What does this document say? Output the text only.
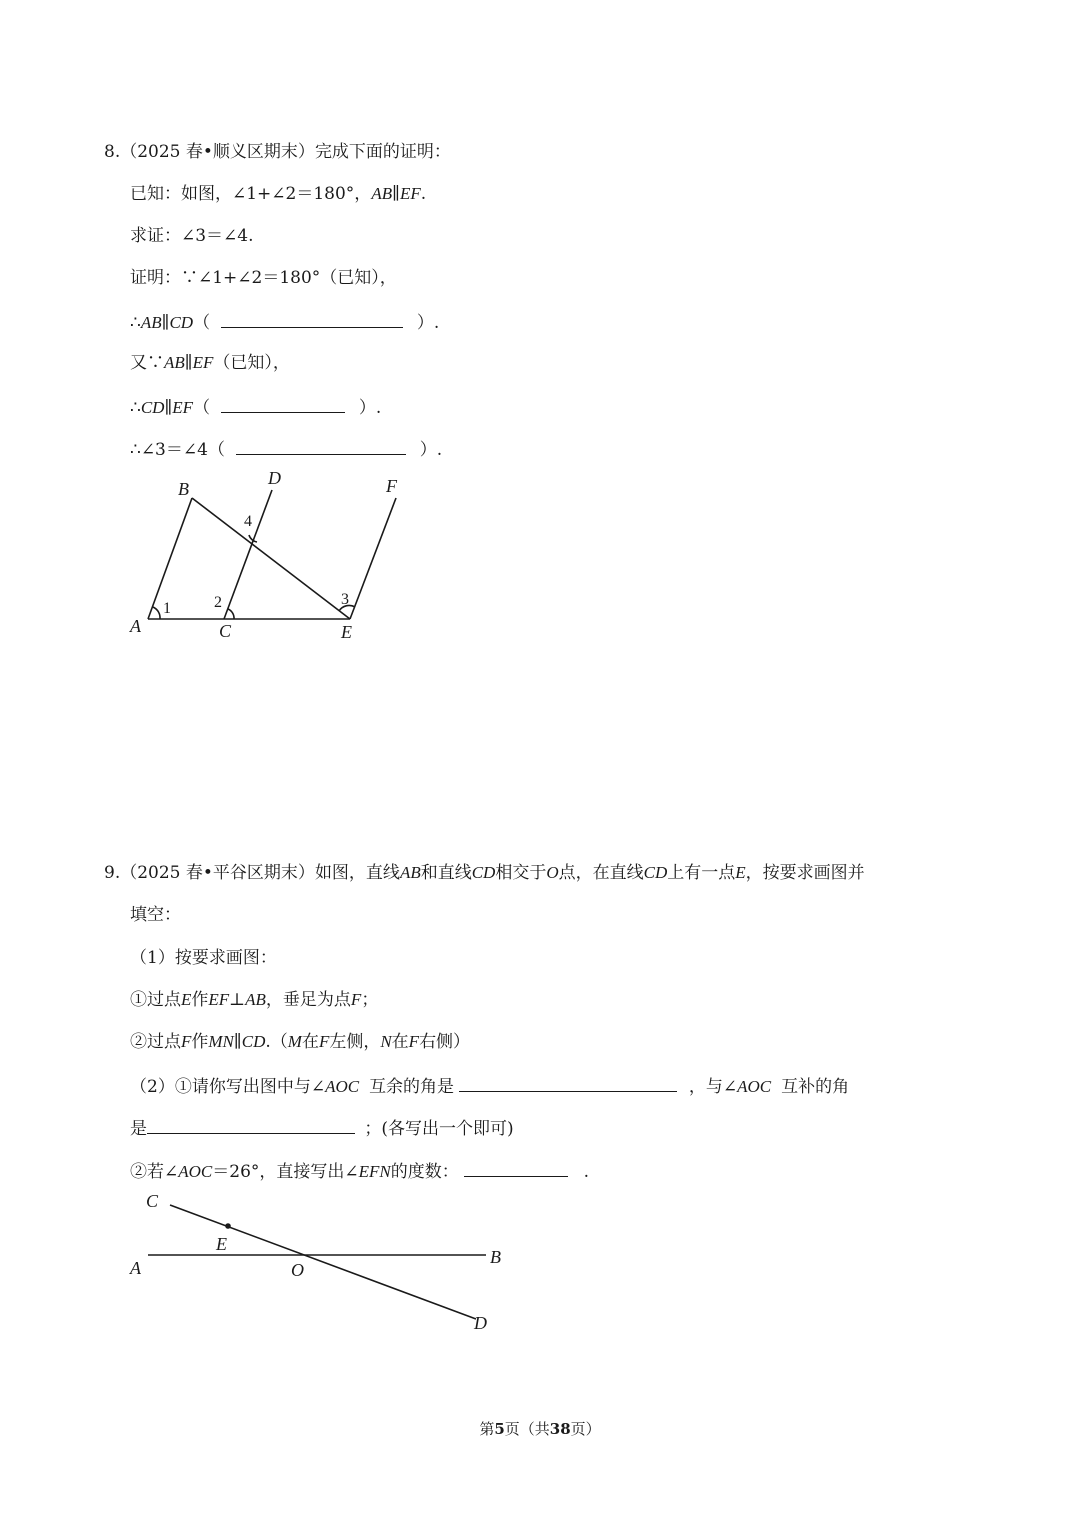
8.（2025 春•顺义区期末）完成下面的证明：
已知：如图，∠1+∠2＝180°，AB∥EF.
求证：∠3＝∠4.
证明：∵∠1+∠2＝180°（已知），
∴AB∥CD（	）.
又∵AB∥EF（已知），
∴CD∥EF（	）.
∴∠3＝∠4（	）.
A
B
C
D
E
F
1	2	3
4
9.（2025 春•平谷区期末）如图，直线AB和直线CD相交于O点，在直线CD上有一点E，按要求画图并
填空：
（1）按要求画图：
①过点E作EF⊥AB，垂足为点F；
②过点F作MN∥CD.（M在F左侧，N在F右侧）
（2）①请你写出图中与∠AOC 互余的角是	，与∠AOC 互补的角
是	；(各写出一个即可)
②若∠AOC＝26°，直接写出∠EFN的度数：	.
C
E
A	O
B
D
第5页（共38页）
